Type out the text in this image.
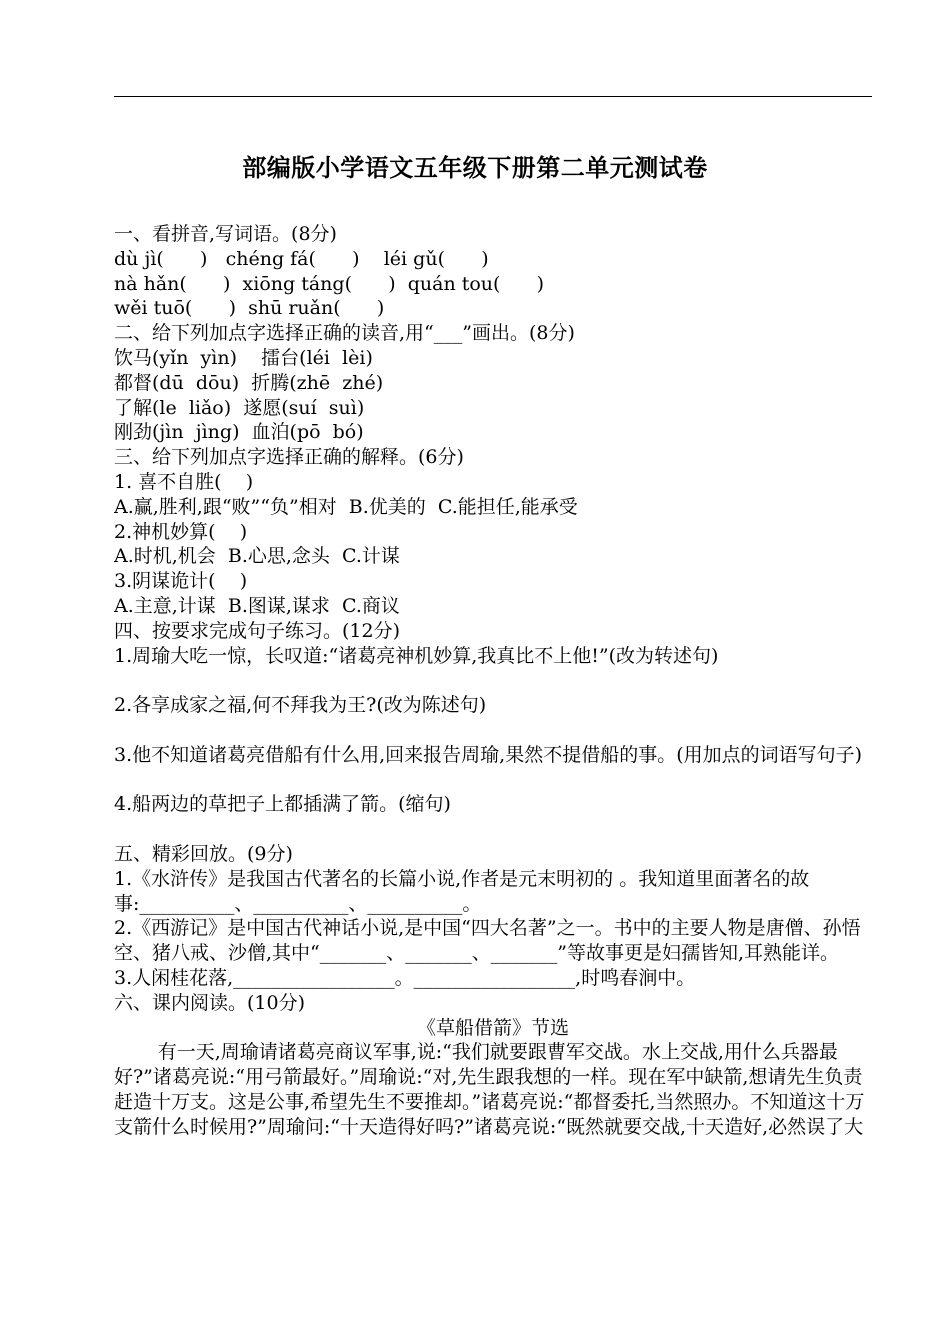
部编版小学语文五年级下册第二单元测试卷
一、看拼音,写词语。(8分)
dù jì(      )   chéng fá(      )    léi gǔ(      )
nà hǎn(      )  xiōng táng(      )  quán tou(      )
wěi tuō(      )  shū ruǎn(      )
二、给下列加点字选择正确的读音,用“___”画出。(8分)
饮马(yǐn  yìn)    擂台(léi  lèi)
都督(dū  dōu)  折腾(zhē  zhé)
了解(le  liǎo)  遂愿(suí  suì)
刚劲(jìn  jìng)  血泊(pō  bó)
三、给下列加点字选择正确的解释。(6分)
1. 喜不自胜(    )
A.赢,胜利,跟“败”“负”相对  B.优美的  C.能担任,能承受
2.神机妙算(    )
A.时机,机会  B.心思,念头  C.计谋
3.阴谋诡计(    )
A.主意,计谋  B.图谋,谋求  C.商议
四、按要求完成句子练习。(12分)
1.周瑜大吃一惊，长叹道:“诸葛亮神机妙算,我真比不上他!”(改为转述句)
2.各享成家之福,何不拜我为王?(改为陈述句)
3.他不知道诸葛亮借船有什么用,回来报告周瑜,果然不提借船的事。(用加点的词语写句子)
4.船两边的草把子上都插满了箭。(缩句)
五、精彩回放。(9分)
1.《水浒传》是我国古代著名的长篇小说,作者是元末明初的 。我知道里面著名的故事:__________、__________、__________。
2.《西游记》是中国古代神话小说,是中国“四大名著”之一。书中的主要人物是唐僧、孙悟空、猪八戒、沙僧,其中“_______、_______、_______”等故事更是妇孺皆知,耳熟能详。
3.人闲桂花落,_________________。_________________,时鸣春涧中。
六、课内阅读。(10分)
《草船借箭》节选
有一天,周瑜请诸葛亮商议军事,说:“我们就要跟曹军交战。水上交战,用什么兵器最好?”诸葛亮说:“用弓箭最好。”周瑜说:“对,先生跟我想的一样。现在军中缺箭,想请先生负责赶造十万支。这是公事,希望先生不要推却。”诸葛亮说:“都督委托,当然照办。不知道这十万支箭什么时候用?”周瑜问:“十天造得好吗?”诸葛亮说:“既然就要交战,十天造好,必然误了大
